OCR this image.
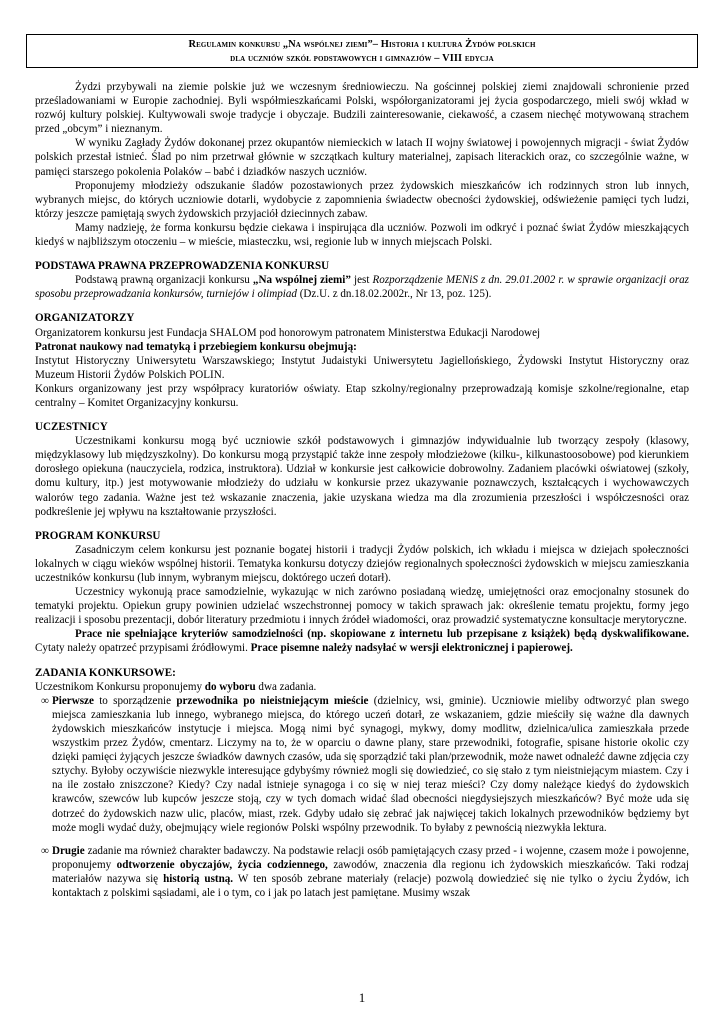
Regulamin konkursu „Na wspólnej ziemi”– Historia i kultura Żydów polskich
dla uczniów szkół podstawowych i gimnazjów – VIII edycja

Żydzi przybywali na ziemie polskie już we wczesnym średniowieczu. Na gościnnej polskiej ziemi znajdowali schronienie przed prześladowaniami w Europie zachodniej. Byli współmieszkańcami Polski, współorganizatorami jej życia gospodarczego, mieli swój wkład w rozwój kultury polskiej. Kultywowali swoje tradycje i obyczaje. Budzili zainteresowanie, ciekawość, a czasem niechęć motywowaną strachem przed „obcym” i nieznanym.

W wyniku Zagłady Żydów dokonanej przez okupantów niemieckich w latach II wojny światowej i powojennych migracji - świat Żydów polskich przestał istnieć. Ślad po nim przetrwał głównie w szczątkach kultury materialnej, zapisach literackich oraz, co szczególnie ważne, w pamięci starszego pokolenia Polaków – babć i dziadków naszych uczniów.

Proponujemy młodzieży odszukanie śladów pozostawionych przez żydowskich mieszkańców ich rodzinnych stron lub innych, wybranych miejsc, do których uczniowie dotarli, wydobycie z zapomnienia świadectw obecności żydowskiej, odświeżenie pamięci tych ludzi, którzy jeszcze pamiętają swych żydowskich przyjaciół dziecinnych zabaw.

Mamy nadzieję, że forma konkursu będzie ciekawa i inspirująca dla uczniów. Pozwoli im odkryć i poznać świat Żydów mieszkających kiedyś w najbliższym otoczeniu – w mieście, miasteczku, wsi, regionie lub w innych miejscach Polski.

PODSTAWA PRAWNA PRZEPROWADZENIA KONKURSU

Podstawą prawną organizacji konkursu „Na wspólnej ziemi” jest Rozporządzenie MENiS z dn. 29.01.2002 r. w sprawie organizacji oraz sposobu przeprowadzania konkursów, turniejów i olimpiad (Dz.U. z dn.18.02.2002r., Nr 13, poz. 125).

ORGANIZATORZY

Organizatorem konkursu jest Fundacja SHALOM pod honorowym patronatem Ministerstwa Edukacji Narodowej

Patronat naukowy nad tematyką i przebiegiem konkursu obejmują:

Instytut Historyczny Uniwersytetu Warszawskiego; Instytut Judaistyki Uniwersytetu Jagiellońskiego, Żydowski Instytut Historyczny oraz Muzeum Historii Żydów Polskich POLIN.

Konkurs organizowany jest przy współpracy kuratoriów oświaty. Etap szkolny/regionalny przeprowadzają komisje szkolne/regionalne, etap centralny – Komitet Organizacyjny konkursu.

UCZESTNICY

Uczestnikami konkursu mogą być uczniowie szkół podstawowych i gimnazjów indywidualnie lub tworzący zespoły (klasowy, międzyklasowy lub międzyszkolny). Do konkursu mogą przystąpić także inne zespoły młodzieżowe (kilku-, kilkunastoosobowe) pod kierunkiem dorosłego opiekuna (nauczyciela, rodzica, instruktora). Udział w konkursie jest całkowicie dobrowolny. Zadaniem placówki oświatowej (szkoły, domu kultury, itp.) jest motywowanie młodzieży do udziału w konkursie przez ukazywanie poznawczych, kształcących i wychowawczych walorów tego zadania. Ważne jest też wskazanie znaczenia, jakie uzyskana wiedza ma dla zrozumienia przeszłości i współczesności oraz podkreślenie jej wpływu na kształtowanie przyszłości.

PROGRAM KONKURSU

Zasadniczym celem konkursu jest poznanie bogatej historii i tradycji Żydów polskich, ich wkładu i miejsca w dziejach społeczności lokalnych w ciągu wieków wspólnej historii. Tematyka konkursu dotyczy dziejów regionalnych społeczności żydowskich w miejscu zamieszkania uczestników konkursu (lub innym, wybranym miejscu, doktórego uczeń dotarł).

Uczestnicy wykonują prace samodzielnie, wykazując w nich zarówno posiadaną wiedzę, umiejętności oraz emocjonalny stosunek do tematyki projektu. Opiekun grupy powinien udzielać wszechstronnej pomocy w takich sprawach jak: określenie tematu projektu, formy jego realizacji i sposobu prezentacji, dobór literatury przedmiotu i innych źródeł wiadomości, oraz prowadzić systematyczne konsultacje merytoryczne.

Prace nie spełniające kryteriów samodzielności (np. skopiowane z internetu lub przepisane z książek) będą dyskwalifikowane. Cytaty należy opatrzeć przypisami źródłowymi. Prace pisemne należy nadsyłać w wersji elektronicznej i papierowej.

ZADANIA KONKURSOWE:

Uczestnikom Konkursu proponujemy do wyboru dwa zadania.

∞ Pierwsze to sporządzenie przewodnika po nieistniejącym mieście (dzielnicy, wsi, gminie). Uczniowie mieliby odtworzyć plan swego miejsca zamieszkania lub innego, wybranego miejsca, do którego uczeń dotarł, ze wskazaniem, gdzie mieściły się ważne dla dawnych żydowskich mieszkańców instytucje i miejsca. Mogą nimi być synagogi, mykwy, domy modlitw, dzielnica/ulica zamieszkała przede wszystkim przez Żydów, cmentarz. Liczymy na to, że w oparciu o dawne plany, stare przewodniki, fotografie, spisane historie okolic czy dzięki pamięci żyjących jeszcze świadków dawnych czasów, uda się sporządzić taki plan/przewodnik, może nawet odnaleźć dawne zdjęcia czy sztychy. Byłoby oczywiście niezwykle interesujące gdybyśmy również mogli się dowiedzieć, co się stało z tym nieistniejącym miastem. Czy i na ile zostało zniszczone? Kiedy? Czy nadal istnieje synagoga i co się w niej teraz mieści? Czy domy należące kiedyś do żydowskich krawców, szewców lub kupców jeszcze stoją, czy w tych domach widać ślad obecności niegdysiejszych mieszkańców? Być może uda się dotrzeć do żydowskich nazw ulic, placów, miast, rzek. Gdyby udało się zebrać jak najwięcej takich lokalnych przewodników będziemy byt może mogli wydać duży, obejmujący wiele regionów Polski wspólny przewodnik. To byłaby z pewnością niezwykła lektura.
∞ Drugie zadanie ma również charakter badawczy. Na podstawie relacji osób pamiętających czasy przed - i wojenne, czasem może i powojenne, proponujemy odtworzenie obyczajów, życia codziennego, zawodów, znaczenia dla regionu ich żydowskich mieszkańców. Taki rodzaj materiałów nazywa się historią ustną. W ten sposób zebrane materiały (relacje) pozwolą dowiedzieć się nie tylko o życiu Żydów, ich kontaktach z polskimi sąsiadami, ale i o tym, co i jak po latach jest pamiętane. Musimy wszak
1
